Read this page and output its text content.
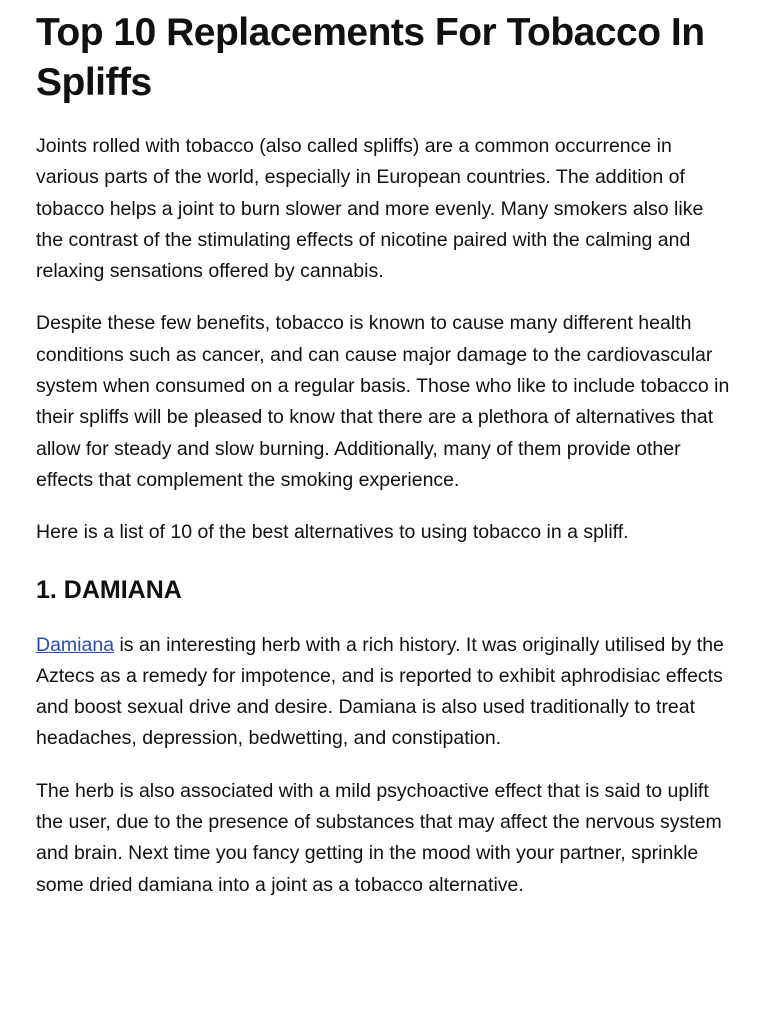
Top 10 Replacements For Tobacco In Spliffs

Joints rolled with tobacco (also called spliffs) are a common occurrence in various parts of the world, especially in European countries. The addition of tobacco helps a joint to burn slower and more evenly. Many smokers also like the contrast of the stimulating effects of nicotine paired with the calming and relaxing sensations offered by cannabis.

Despite these few benefits, tobacco is known to cause many different health conditions such as cancer, and can cause major damage to the cardiovascular system when consumed on a regular basis. Those who like to include tobacco in their spliffs will be pleased to know that there are a plethora of alternatives that allow for steady and slow burning. Additionally, many of them provide other effects that complement the smoking experience.

Here is a list of 10 of the best alternatives to using tobacco in a spliff.

1. DAMIANA

Damiana is an interesting herb with a rich history. It was originally utilised by the Aztecs as a remedy for impotence, and is reported to exhibit aphrodisiac effects and boost sexual drive and desire. Damiana is also used traditionally to treat headaches, depression, bedwetting, and constipation.

The herb is also associated with a mild psychoactive effect that is said to uplift the user, due to the presence of substances that may affect the nervous system and brain. Next time you fancy getting in the mood with your partner, sprinkle some dried damiana into a joint as a tobacco alternative.
